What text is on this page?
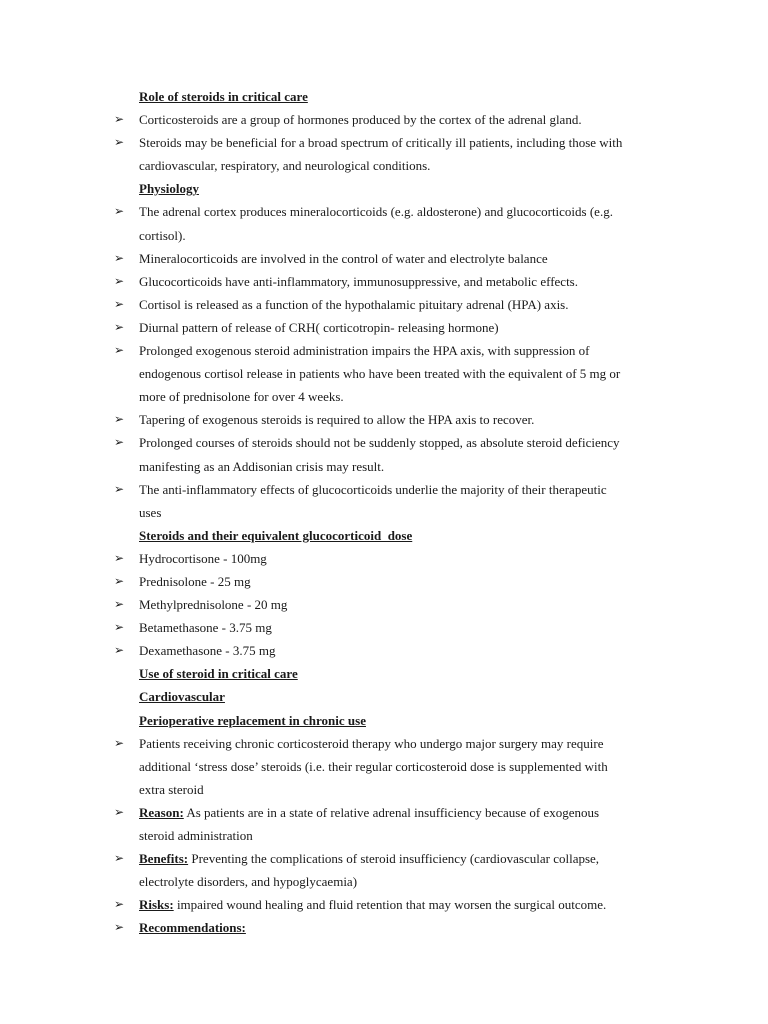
Role of steroids in critical care
➢ Corticosteroids are a group of hormones produced by the cortex of the adrenal gland.
➢ Steroids may be beneficial for a broad spectrum of critically ill patients, including those with
cardiovascular, respiratory, and neurological conditions.
Physiology
➢ The adrenal cortex produces mineralocorticoids (e.g. aldosterone) and glucocorticoids (e.g.
cortisol).
➢ Mineralocorticoids are involved in the control of water and electrolyte balance
➢ Glucocorticoids have anti-inflammatory, immunosuppressive, and metabolic effects.
➢ Cortisol is released as a function of the hypothalamic pituitary adrenal (HPA) axis.
➢ Diurnal pattern of release of CRH( corticotropin- releasing hormone)
➢ Prolonged exogenous steroid administration impairs the HPA axis, with suppression of
endogenous cortisol release in patients who have been treated with the equivalent of 5 mg or
more of prednisolone for over 4 weeks.
➢ Tapering of exogenous steroids is required to allow the HPA axis to recover.
➢ Prolonged courses of steroids should not be suddenly stopped, as absolute steroid deficiency
manifesting as an Addisonian crisis may result.
➢ The anti-inflammatory effects of glucocorticoids underlie the majority of their therapeutic
uses
Steroids and their equivalent glucocorticoid  dose
➢ Hydrocortisone - 100mg
➢ Prednisolone - 25 mg
➢ Methylprednisolone - 20 mg
➢ Betamethasone - 3.75 mg
➢ Dexamethasone - 3.75 mg
Use of steroid in critical care
Cardiovascular
Perioperative replacement in chronic use
➢ Patients receiving chronic corticosteroid therapy who undergo major surgery may require
additional ‘stress dose’ steroids (i.e. their regular corticosteroid dose is supplemented with
extra steroid
➢ Reason: As patients are in a state of relative adrenal insufficiency because of exogenous
steroid administration
➢ Benefits: Preventing the complications of steroid insufficiency (cardiovascular collapse,
electrolyte disorders, and hypoglycaemia)
➢ Risks: impaired wound healing and fluid retention that may worsen the surgical outcome.
➢ Recommendations:
